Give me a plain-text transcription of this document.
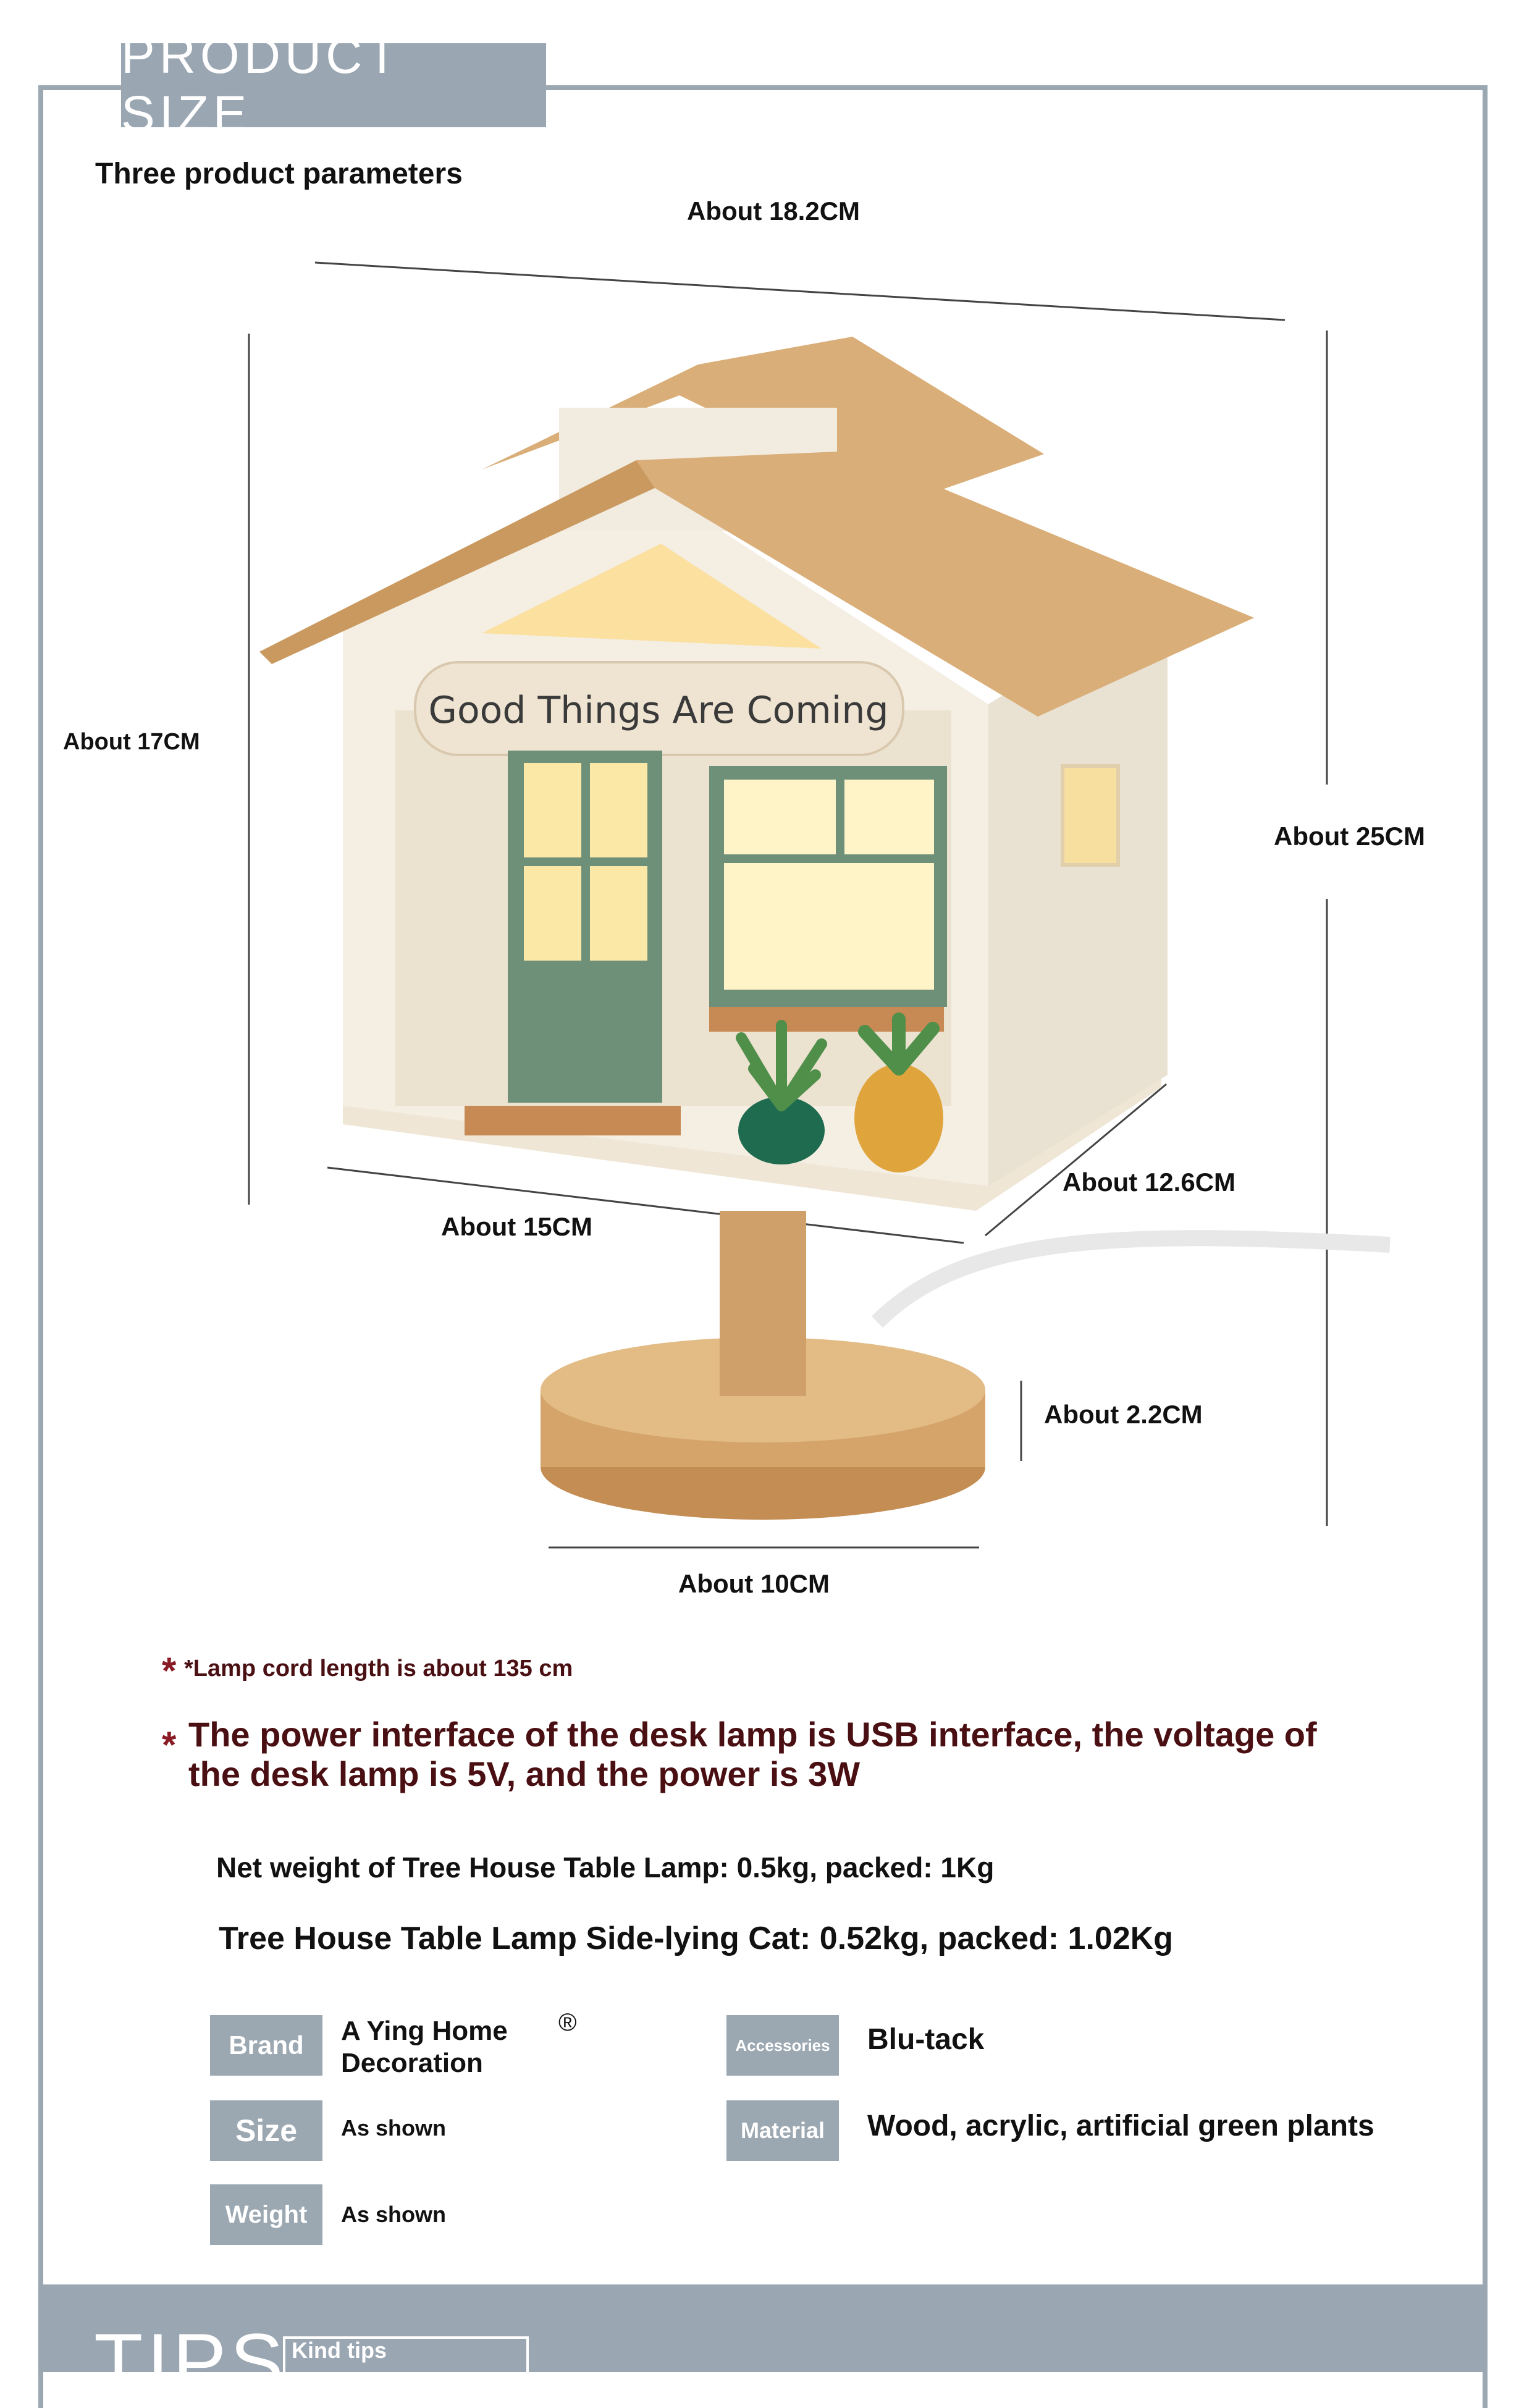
PRODUCT SIZE
Three product parameters
About 18.2CM
About 17CM
About 25CM
About 12.6CM
About 15CM
About 2.2CM
About 10CM
Good Things Are Coming
* *Lamp cord length is about 135 cm
* The power interface of the desk lamp is USB interface, the voltage of the desk lamp is 5V, and the power is 3W
Net weight of Tree House Table Lamp: 0.5kg, packed: 1Kg
Tree House Table Lamp Side-lying Cat: 0.52kg, packed: 1.02Kg
Brand	A Ying Home Decoration
®
Size	As shown
Weight	As shown
Accessories Blu-tack
Material	Wood, acrylic, artificial green plants
TIPS Kind tips
